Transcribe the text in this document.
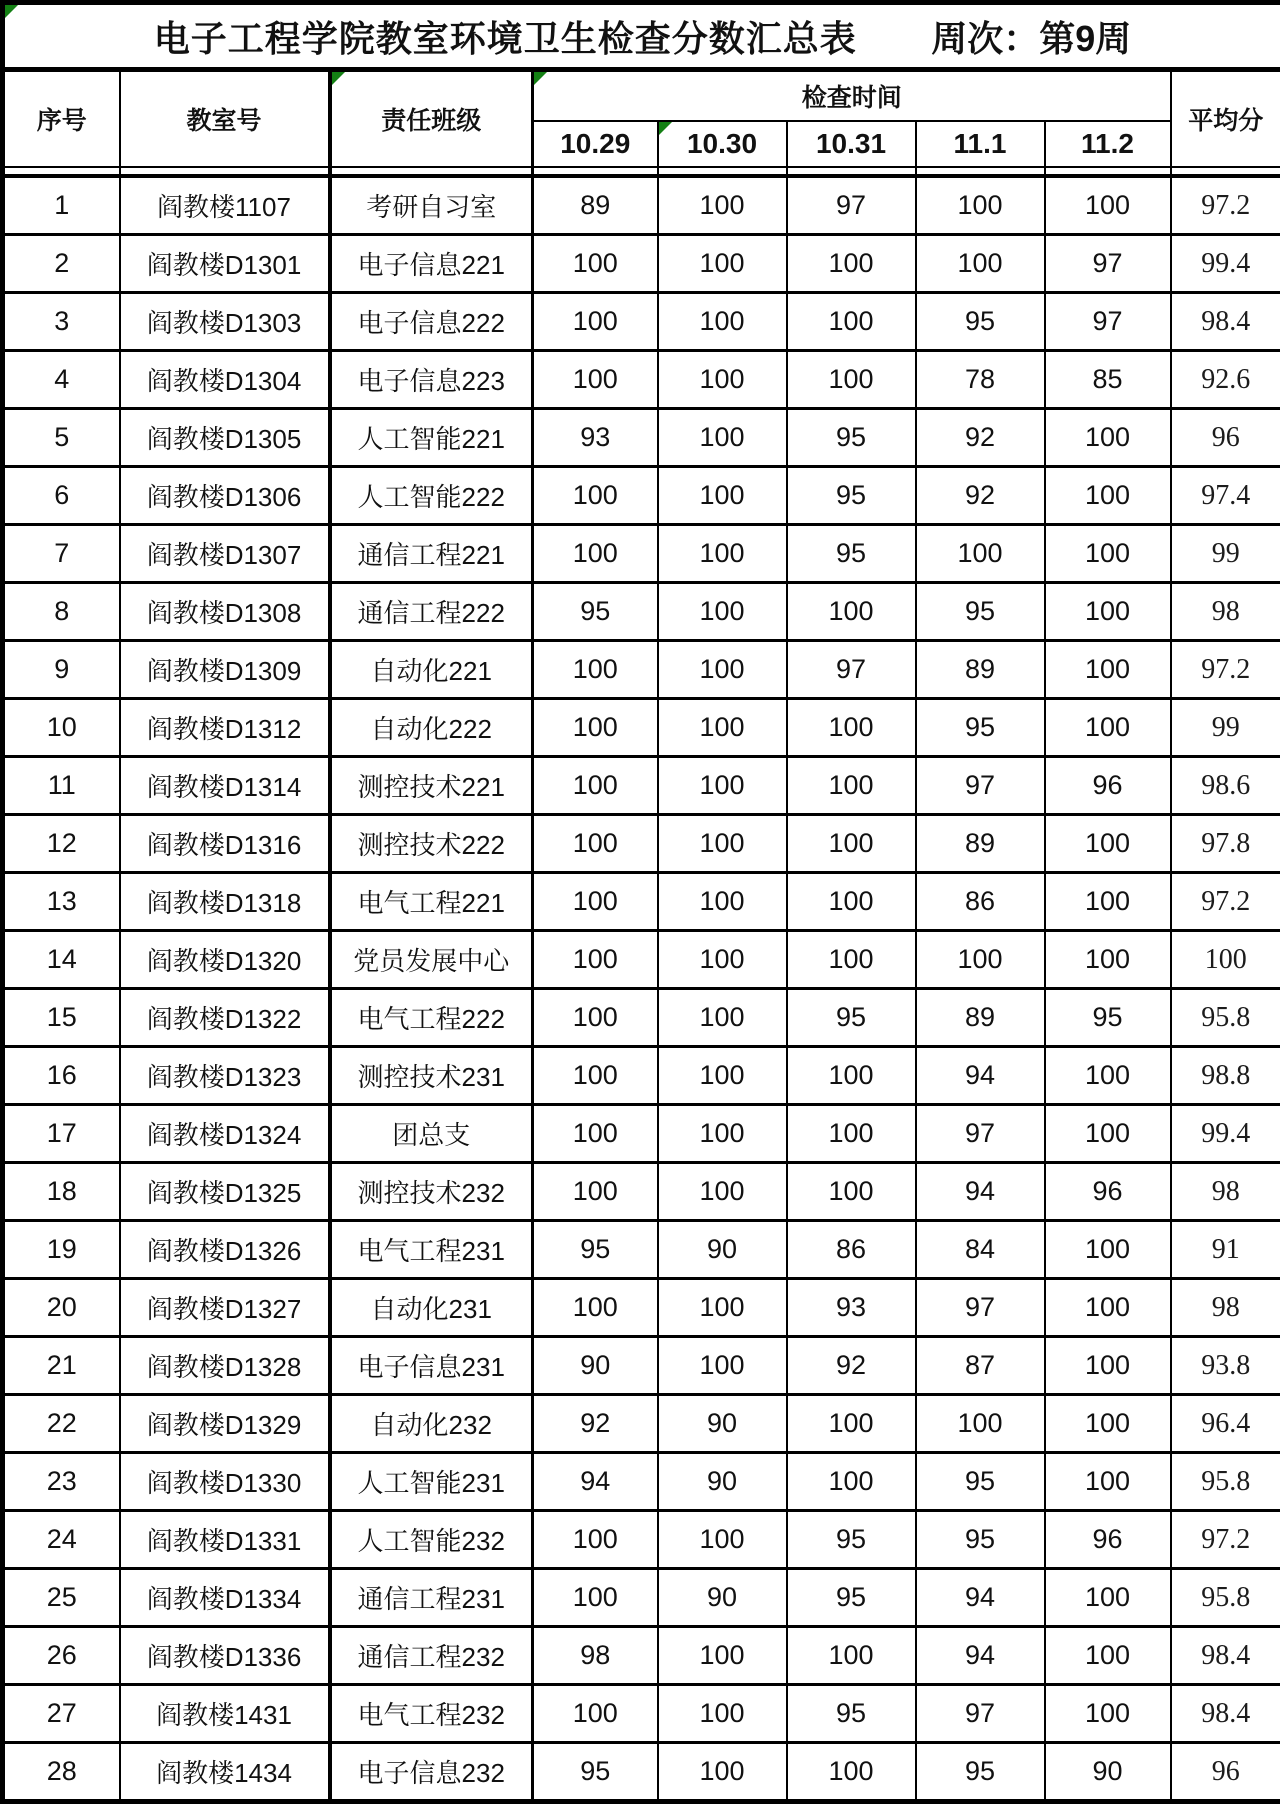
电子工程学院教室环境卫生检查分数汇总表 周次：第9周								
序号	教室号	责任班级	检查时间					平均分
			10.29	10.30	10.31	11.1	11.2	

1	阎教楼1107	考研自习室	89	100	97	100	100	97.2
2	阎教楼D1301	电子信息221	100	100	100	100	97	99.4
3	阎教楼D1303	电子信息222	100	100	100	95	97	98.4
4	阎教楼D1304	电子信息223	100	100	100	78	85	92.6
5	阎教楼D1305	人工智能221	93	100	95	92	100	96
6	阎教楼D1306	人工智能222	100	100	95	92	100	97.4
7	阎教楼D1307	通信工程221	100	100	95	100	100	99
8	阎教楼D1308	通信工程222	95	100	100	95	100	98
9	阎教楼D1309	自动化221	100	100	97	89	100	97.2
10	阎教楼D1312	自动化222	100	100	100	95	100	99
11	阎教楼D1314	测控技术221	100	100	100	97	96	98.6
12	阎教楼D1316	测控技术222	100	100	100	89	100	97.8
13	阎教楼D1318	电气工程221	100	100	100	86	100	97.2
14	阎教楼D1320	党员发展中心	100	100	100	100	100	100
15	阎教楼D1322	电气工程222	100	100	95	89	95	95.8
16	阎教楼D1323	测控技术231	100	100	100	94	100	98.8
17	阎教楼D1324	团总支	100	100	100	97	100	99.4
18	阎教楼D1325	测控技术232	100	100	100	94	96	98
19	阎教楼D1326	电气工程231	95	90	86	84	100	91
20	阎教楼D1327	自动化231	100	100	93	97	100	98
21	阎教楼D1328	电子信息231	90	100	92	87	100	93.8
22	阎教楼D1329	自动化232	92	90	100	100	100	96.4
23	阎教楼D1330	人工智能231	94	90	100	95	100	95.8
24	阎教楼D1331	人工智能232	100	100	95	95	96	97.2
25	阎教楼D1334	通信工程231	100	90	95	94	100	95.8
26	阎教楼D1336	通信工程232	98	100	100	94	100	98.4
27	阎教楼1431	电气工程232	100	100	95	97	100	98.4
28	阎教楼1434	电子信息232	95	100	100	95	90	96
